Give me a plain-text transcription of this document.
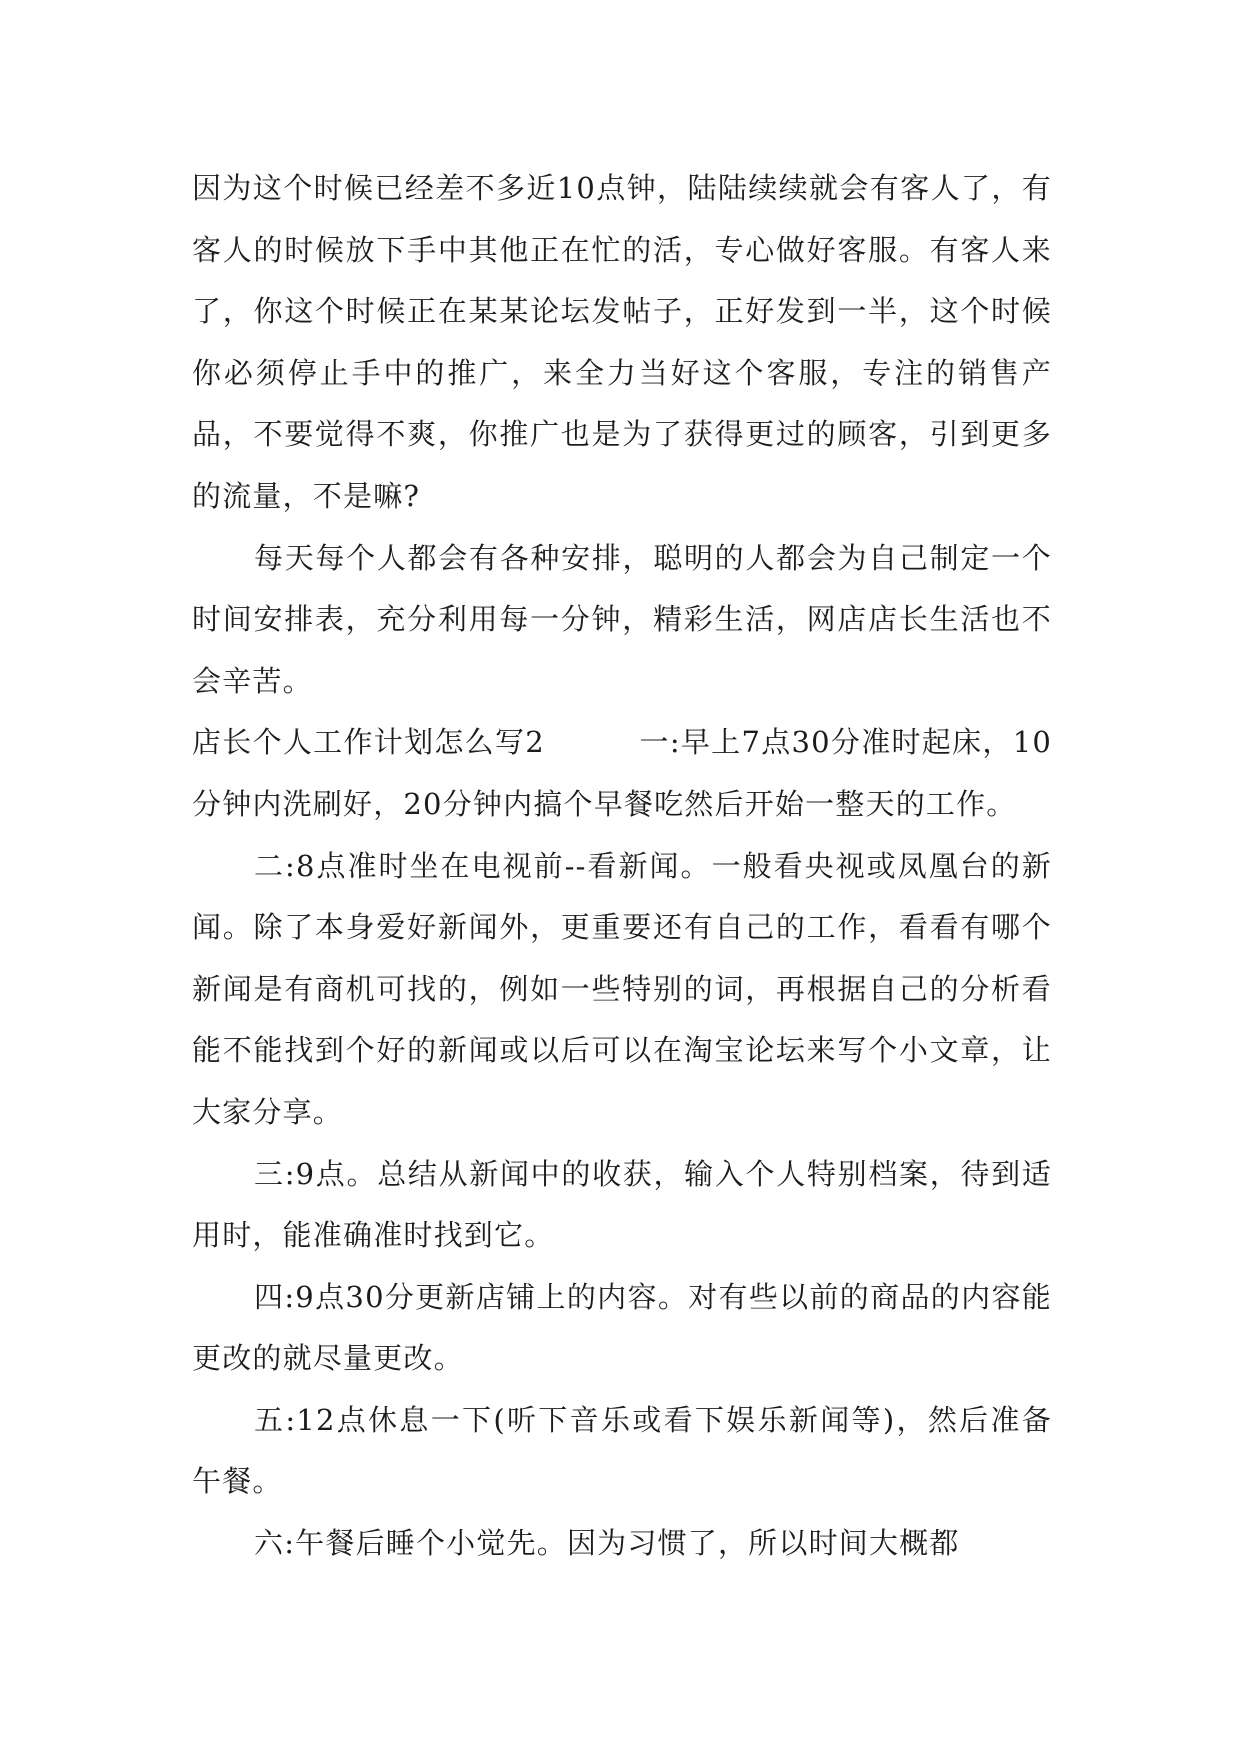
因为这个时候已经差不多近10点钟，陆陆续续就会有客人了，有客人的时候放下手中其他正在忙的活，专心做好客服。有客人来了，你这个时候正在某某论坛发帖子，正好发到一半，这个时候你必须停止手中的推广，来全力当好这个客服，专注的销售产品，不要觉得不爽，你推广也是为了获得更过的顾客，引到更多的流量，不是嘛?

每天每个人都会有各种安排，聪明的人都会为自己制定一个时间安排表，充分利用每一分钟，精彩生活，网店店长生活也不会辛苦。

店长个人工作计划怎么写2	一:早上7点30分准时起床，10分钟内洗刷好，20分钟内搞个早餐吃然后开始一整天的工作。

二:8点准时坐在电视前--看新闻。一般看央视或凤凰台的新闻。除了本身爱好新闻外，更重要还有自己的工作，看看有哪个新闻是有商机可找的，例如一些特别的词，再根据自己的分析看能不能找到个好的新闻或以后可以在淘宝论坛来写个小文章，让大家分享。

三:9点。总结从新闻中的收获，输入个人特别档案，待到适用时，能准确准时找到它。

四:9点30分更新店铺上的内容。对有些以前的商品的内容能更改的就尽量更改。

五:12点休息一下(听下音乐或看下娱乐新闻等)，然后准备午餐。

六:午餐后睡个小觉先。因为习惯了，所以时间大概都
